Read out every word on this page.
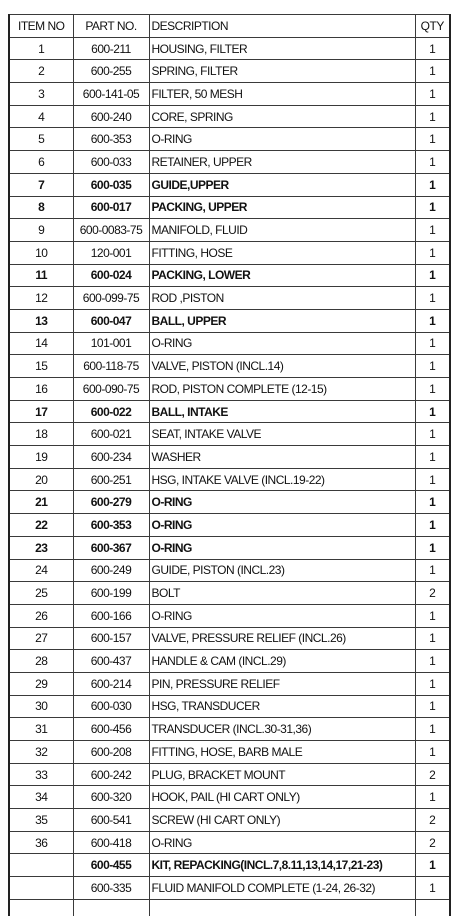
ITEM NO	PART NO.	DESCRIPTION	QTY
1	600-211	HOUSING, FILTER	1
2	600-255	SPRING, FILTER	1
3	600-141-05	FILTER, 50 MESH	1
4	600-240	CORE, SPRING	1
5	600-353	O-RING	1
6	600-033	RETAINER, UPPER	1
7	600-035	GUIDE,UPPER	1
8	600-017	PACKING, UPPER	1
9	600-0083-75	MANIFOLD, FLUID	1
10	120-001	FITTING, HOSE	1
11	600-024	PACKING, LOWER	1
12	600-099-75	ROD ,PISTON	1
13	600-047	BALL, UPPER	1
14	101-001	O-RING	1
15	600-118-75	VALVE, PISTON (INCL.14)	1
16	600-090-75	ROD, PISTON COMPLETE (12-15)	1
17	600-022	BALL, INTAKE	1
18	600-021	SEAT, INTAKE VALVE	1
19	600-234	WASHER	1
20	600-251	HSG, INTAKE VALVE (INCL.19-22)	1
21	600-279	O-RING	1
22	600-353	O-RING	1
23	600-367	O-RING	1
24	600-249	GUIDE, PISTON (INCL.23)	1
25	600-199	BOLT	2
26	600-166	O-RING	1
27	600-157	VALVE, PRESSURE RELIEF (INCL.26)	1
28	600-437	HANDLE & CAM (INCL.29)	1
29	600-214	PIN, PRESSURE RELIEF	1
30	600-030	HSG, TRANSDUCER	1
31	600-456	TRANSDUCER (INCL.30-31,36)	1
32	600-208	FITTING, HOSE, BARB MALE	1
33	600-242	PLUG, BRACKET MOUNT	2
34	600-320	HOOK, PAIL (HI CART ONLY)	1
35	600-541	SCREW (HI CART ONLY)	2
36	600-418	O-RING	2
	600-455	KIT, REPACKING(INCL.7,8.11,13,14,17,21-23)	1
	600-335	FLUID MANIFOLD COMPLETE (1-24, 26-32)	1
